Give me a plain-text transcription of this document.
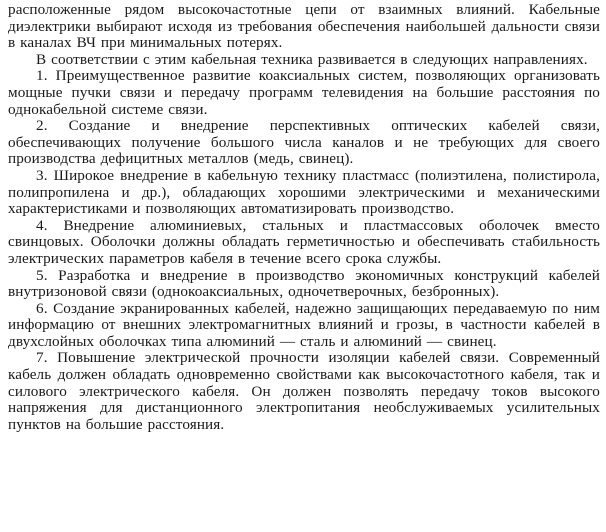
расположенные рядом высокочастотные цепи от взаимных влияний. Кабельные диэлектрики выбирают исходя из требования обеспечения наибольшей дальности связи в каналах ВЧ при минимальных потерях.

В соответствии с этим кабельная техника развивается в следующих направлениях.

1. Преимущественное развитие коаксиальных систем, позволяющих организовать мощные пучки связи и передачу программ телевидения на большие расстояния по однокабельной системе связи.

2. Создание и внедрение перспективных оптических кабелей связи, обеспечивающих получение большого числа каналов и не требующих для своего производства дефицитных металлов (медь, свинец).

3. Широкое внедрение в кабельную технику пластмасс (полиэтилена, полистирола, полипропилена и др.), обладающих хорошими электрическими и механическими характеристиками и позволяющих автоматизировать производство.

4. Внедрение алюминиевых, стальных и пластмассовых оболочек вместо свинцовых. Оболочки должны обладать герметичностью и обеспечивать стабильность электрических параметров кабеля в течение всего срока службы.

5. Разработка и внедрение в производство экономичных конструкций кабелей внутризоновой связи (однокоаксиальных, одночетверочных, безбронных).

6. Создание экранированных кабелей, надежно защищающих передаваемую по ним информацию от внешних электромагнитных влияний и грозы, в частности кабелей в двухслойных оболочках типа алюминий — сталь и алюминий — свинец.

7. Повышение электрической прочности изоляции кабелей связи. Современный кабель должен обладать одновременно свойствами как высокочастотного кабеля, так и силового электрического кабеля. Он должен позволять передачу токов высокого напряжения для дистанционного электропитания необслуживаемых усилительных пунктов на большие расстояния.
